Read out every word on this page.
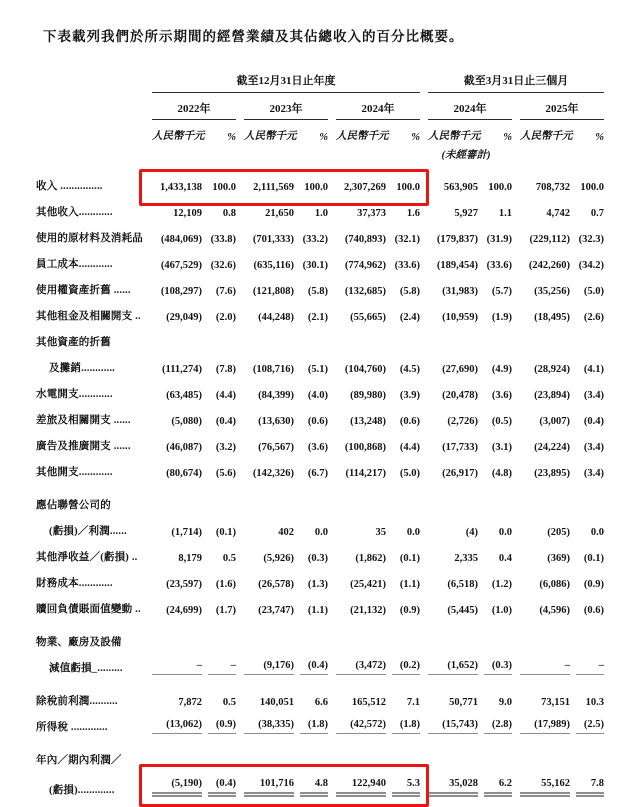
下表載列我們於所示期間的經營業績及其佔總收入的百分比概要。

	截至12月31日止年度						截至3月31日止三個月			

	2022年		2023年		2024年		2024年		2025年	

	人民幣千元	%	人民幣千元	%	人民幣千元	%	人民幣千元	%	人民幣千元	%
							(未經審計)			
收入 ...............	1,433,138	100.0	2,111,569	100.0	2,307,269	100.0	563,905	100.0	708,732	100.0

其他收入............	12,109	0.8	21,650	1.0	37,373	1.6	5,927	1.1	4,742	0.7

使用的原材料及消耗品	(484,069)	(33.8)	(701,333)	(33.2)	(740,893)	(32.1)	(179,837)	(31.9)	(229,112)	(32.3)

員工成本............	(467,529)	(32.6)	(635,116)	(30.1)	(774,962)	(33.6)	(189,454)	(33.6)	(242,260)	(34.2)

使用權資產折舊 ......	(108,297)	(7.6)	(121,808)	(5.8)	(132,685)	(5.8)	(31,983)	(5.7)	(35,256)	(5.0)

其他租金及相關開支 ..	(29,049)	(2.0)	(44,248)	(2.1)	(55,665)	(2.4)	(10,959)	(1.9)	(18,495)	(2.6)

其他資產的折舊										
及攤銷............	(111,274)	(7.8)	(108,716)	(5.1)	(104,760)	(4.5)	(27,690)	(4.9)	(28,924)	(4.1)

水電開支............	(63,485)	(4.4)	(84,399)	(4.0)	(89,980)	(3.9)	(20,478)	(3.6)	(23,894)	(3.4)

差旅及相關開支 ......	(5,080)	(0.4)	(13,630)	(0.6)	(13,248)	(0.6)	(2,726)	(0.5)	(3,007)	(0.4)

廣告及推廣開支 ......	(46,087)	(3.2)	(76,567)	(3.6)	(100,868)	(4.4)	(17,733)	(3.1)	(24,224)	(3.4)

其他開支............	(80,674)	(5.6)	(142,326)	(6.7)	(114,217)	(5.0)	(26,917)	(4.8)	(23,895)	(3.4)

應佔聯營公司的										
(虧損)／利潤......	(1,714)	(0.1)	402	0.0	35	0.0	(4)	0.0	(205)	0.0

其他淨收益／(虧損) ..	8,179	0.5	(5,926)	(0.3)	(1,862)	(0.1)	2,335	0.4	(369)	(0.1)

財務成本............	(23,597)	(1.6)	(26,578)	(1.3)	(25,421)	(1.1)	(6,518)	(1.2)	(6,086)	(0.9)

贖回負債賬面值變動 ..	(24,699)	(1.7)	(23,747)	(1.1)	(21,132)	(0.9)	(5,445)	(1.0)	(4,596)	(0.6)

物業、廠房及設備										
減值虧損_.........	–	–	(9,176)	(0.4)	(3,472)	(0.2)	(1,652)	(0.3)	–	–

除稅前利潤..........	7,872	0.5	140,051	6.6	165,512	7.1	50,771	9.0	73,151	10.3

所得稅 .............	(13,062)	(0.9)	(38,335)	(1.8)	(42,572)	(1.8)	(15,743)	(2.8)	(17,989)	(2.5)

年內／期內利潤／										
(虧損).............	(5,190)	(0.4)	101,716	4.8	122,940	5.3	35,028	6.2	55,162	7.8
